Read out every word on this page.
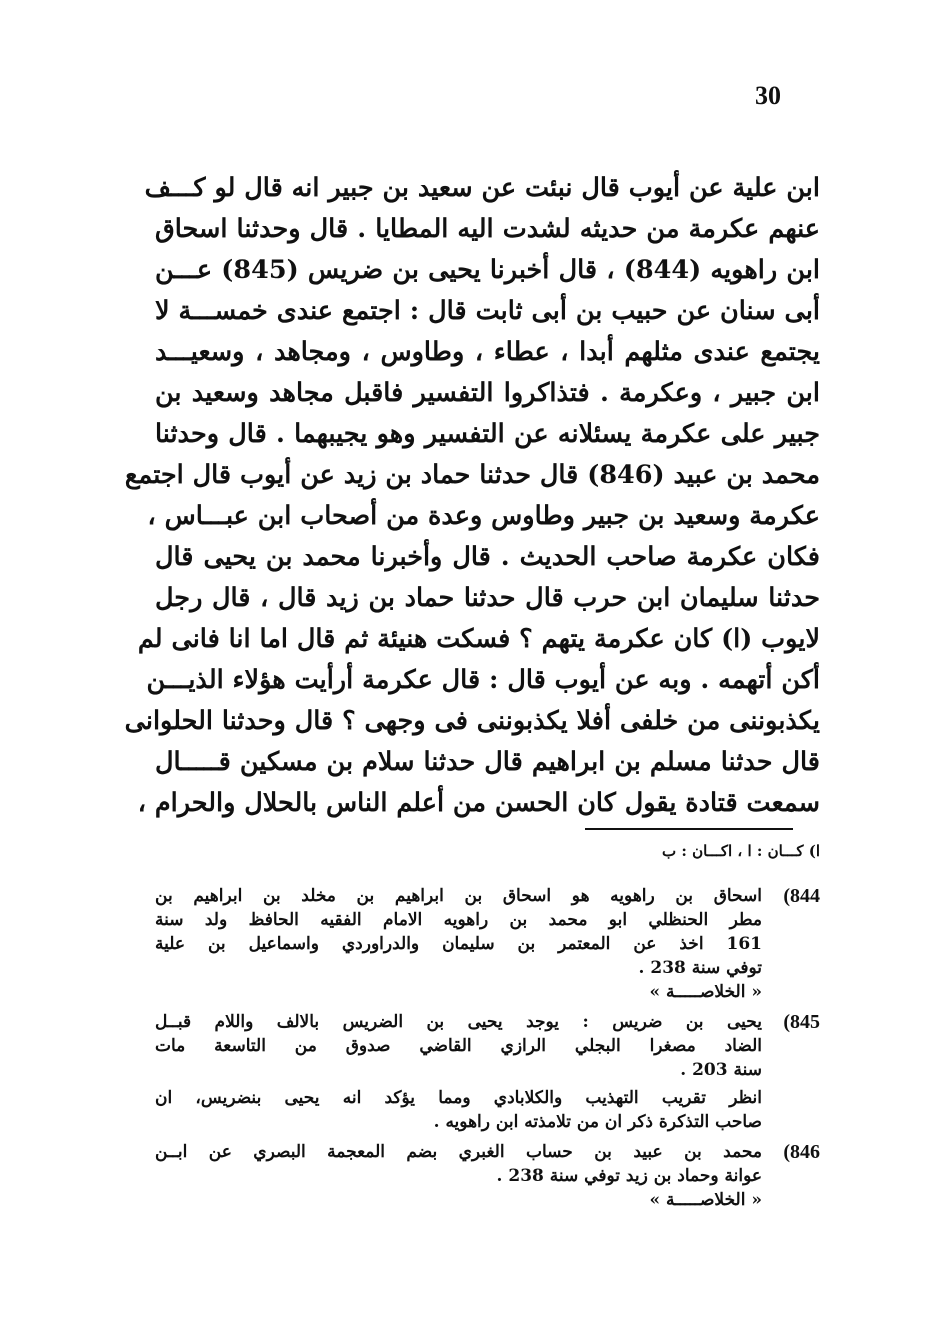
30
ابن علية عن أيوب قال نبئت عن سعيد بن جبير انه قال لو كـــف
عنهم عكرمة من حديثه لشدت اليه المطايا . قال وحدثنا اسحاق
ابن راهويه (844) ، قال أخبرنا يحيى بن ضريس (845) عـــن
أبى سنان عن حبيب بن أبى ثابت قال : اجتمع عندى خمســـة لا
يجتمع عندى مثلهم أبدا ، عطاء ، وطاوس ، ومجاهد ، وسعيـــد
ابن جبير ، وعكرمة . فتذاكروا التفسير فاقبل مجاهد وسعيد بن
جبير على عكرمة يسئلانه عن التفسير وهو يجيبهما . قال وحدثنا
محمد بن عبيد (846) قال حدثنا حماد بن زيد عن أيوب قال اجتمع
عكرمة وسعيد بن جبير وطاوس وعدة من أصحاب ابن عبـــاس ،
فكان عكرمة صاحب الحديث . قال وأخبرنا محمد بن يحيى قال
حدثنا سليمان ابن حرب قال حدثنا حماد بن زيد قال ، قال رجل
لايوب (ا) كان عكرمة يتهم ؟ فسكت هنيئة ثم قال اما انا فانى لم
أكن أتهمه . وبه عن أيوب قال : قال عكرمة أرأيت هؤلاء الذيـــن
يكذبوننى من خلفى أفلا يكذبوننى فى وجهى ؟ قال وحدثنا الحلوانى
قال حدثنا مسلم بن ابراهيم قال حدثنا سلام بن مسكين قـــــال
سمعت قتادة يقول كان الحسن من أعلم الناس بالحلال والحرام ،
ا) كـــان : ا ، اكـــان : ب
(844
اسحاق بن راهويه هو اسحاق بن ابراهيم بن مخلد بن ابراهيم بن
مطر الحنظلي ابو محمد بن راهويه الامام الفقيه الحافظ ولد سنة
161 اخذ عن المعتمر بن سليمان والدراوردي واسماعيل بن علية
توفي سنة 238 .
« الخلاصـــــة »
(845
يحيى بن ضريس : يوجد يحيى بن الضريس بالالف واللام قبــل
الضاد مصغرا البجلي الرازي القاضي صدوق من التاسعة مات
سنة 203 .
انظر تقريب التهذيب والكلابادي ومما يؤكد انه يحيى بنضريس، ان
صاحب التذكرة ذكر ان من تلامذته ابن راهويه .
(846
محمد بن عبيد بن حساب الغبري بضم المعجمة البصري عن ابــن
عوانة وحماد بن زيد توفي سنة 238 .
« الخلاصـــــة »
